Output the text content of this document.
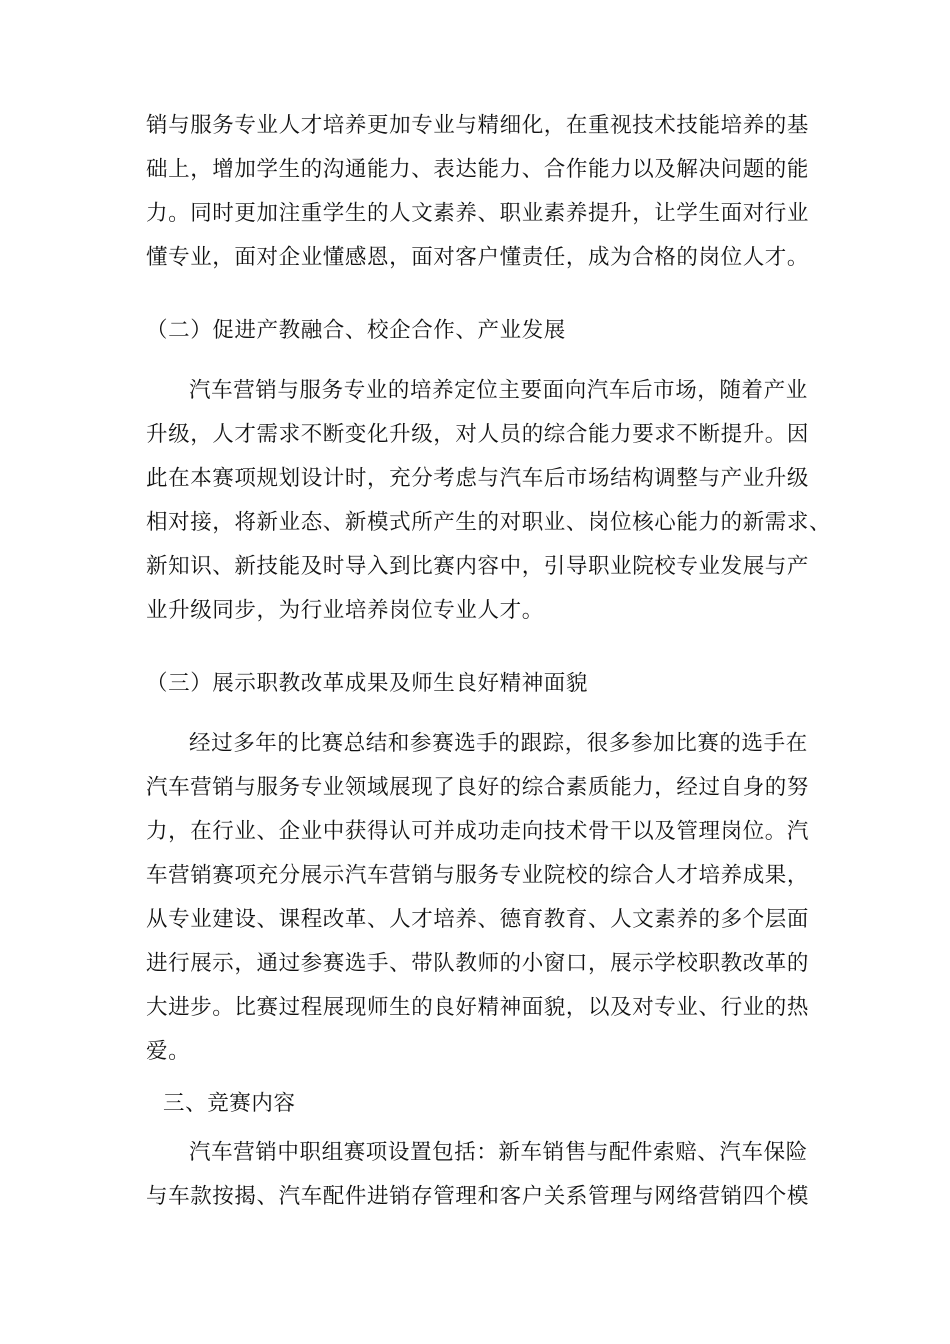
销与服务专业人才培养更加专业与精细化，在重视技术技能培养的基
础上，增加学生的沟通能力、表达能力、合作能力以及解决问题的能
力。同时更加注重学生的人文素养、职业素养提升，让学生面对行业
懂专业，面对企业懂感恩，面对客户懂责任，成为合格的岗位人才。
（二）促进产教融合、校企合作、产业发展
汽车营销与服务专业的培养定位主要面向汽车后市场，随着产业
升级，人才需求不断变化升级，对人员的综合能力要求不断提升。因
此在本赛项规划设计时，充分考虑与汽车后市场结构调整与产业升级
相对接，将新业态、新模式所产生的对职业、岗位核心能力的新需求、
新知识、新技能及时导入到比赛内容中，引导职业院校专业发展与产
业升级同步，为行业培养岗位专业人才。
（三）展示职教改革成果及师生良好精神面貌
经过多年的比赛总结和参赛选手的跟踪，很多参加比赛的选手在
汽车营销与服务专业领域展现了良好的综合素质能力，经过自身的努
力，在行业、企业中获得认可并成功走向技术骨干以及管理岗位。汽
车营销赛项充分展示汽车营销与服务专业院校的综合人才培养成果，
从专业建设、课程改革、人才培养、德育教育、人文素养的多个层面
进行展示，通过参赛选手、带队教师的小窗口，展示学校职教改革的
大进步。比赛过程展现师生的良好精神面貌，以及对专业、行业的热
爱。
三、竞赛内容
汽车营销中职组赛项设置包括：新车销售与配件索赔、汽车保险
与车款按揭、汽车配件进销存管理和客户关系管理与网络营销四个模
